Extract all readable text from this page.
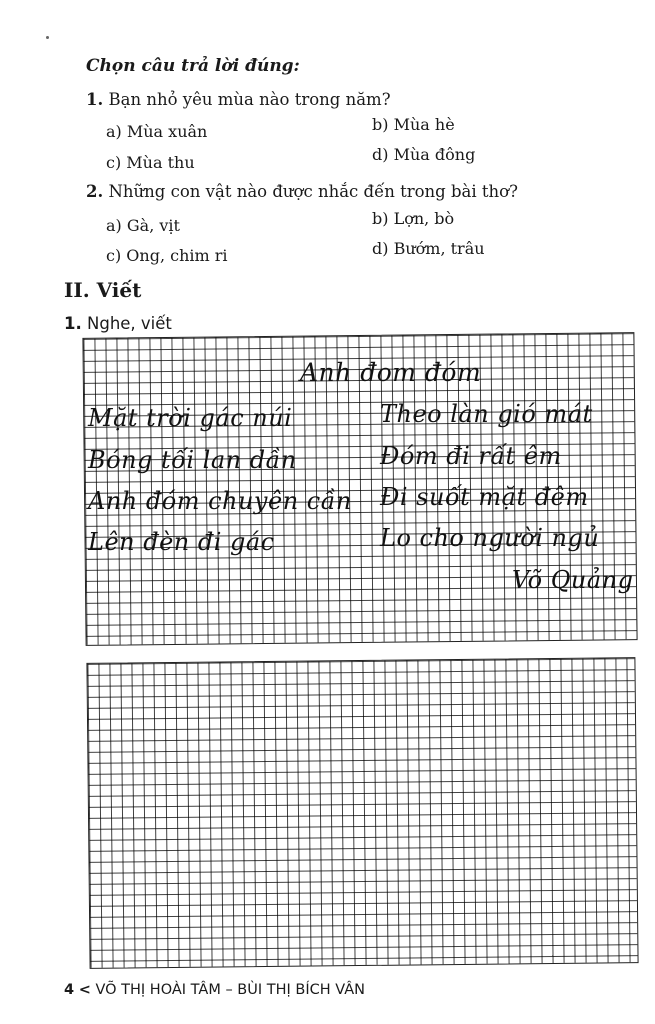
Chọn câu trả lời đúng:
1. Bạn nhỏ yêu mùa nào trong năm?
a) Mùa xuân	b) Mùa hè
c) Mùa thu	d) Mùa đông
2. Những con vật nào được nhắc đến trong bài thơ?
a) Gà, vịt	b) Lợn, bò
c) Ong, chim ri	d) Bướm, trâu
II. Viết
1. Nghe, viết
Anh đom đóm
Mặt trời gác núi
Bóng tối lan dần
Anh đóm chuyên cần
Lên đèn đi gác
Theo làn gió mát
Đóm đi rất êm
Đi suốt mặt đêm
Lo cho người ngủ
Võ Quảng
4 < VÕ THỊ HOÀI TÂM – BÙI THỊ BÍCH VÂN
